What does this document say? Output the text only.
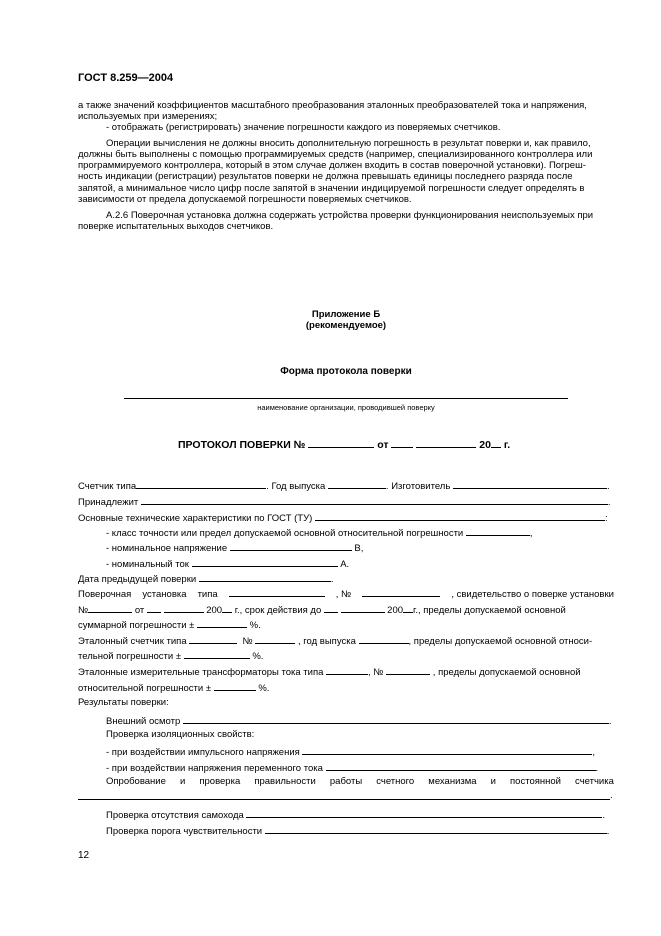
ГОСТ 8.259—2004
а также значений коэффициентов масштабного преобразования эталонных преобразователей тока и напряжения,
используемых при измерениях;
- отображать (регистрировать) значение погрешности каждого из поверяемых счетчиков.
Операции вычисления не должны вносить дополнительную погрешность в результат поверки и, как правило,
должны быть выполнены с помощью программируемых средств (например, специализированного контроллера или
программируемого контроллера, который в этом случае должен входить в состав поверочной установки). Погреш-
ность индикации (регистрации) результатов поверки не должна превышать единицы последнего разряда после
запятой, а минимальное число цифр после запятой в значении индицируемой погрешности следует определять в
зависимости от предела допускаемой погрешности поверяемых счетчиков.
А.2.6 Поверочная установка должна содержать устройства проверки функционирования неиспользуемых при
поверке испытательных выходов счетчиков.
Приложение Б
(рекомендуемое)
Форма протокола поверки
наименование организации, проводившей поверку
ПРОТОКОЛ ПОВЕРКИ №	от	20 г.
Счетчик типа	. Год выпуска	. Изготовитель	.
Принадлежит	.
Основные технические характеристики по ГОСТ (ТУ)	:
- класс точности или предел допускаемой основной относительной погрешности	,
- номинальное напряжение	В,
- номинальный ток	А.
Дата предыдущей поверки	.
Поверочная установка типа	, №	, свидетельство о поверке установки
№	от	200 г., срок действия до	200 г., пределы допускаемой основной
суммарной погрешности ±	%.
Эталонный счетчик типа	№	, год выпуска	, пределы допускаемой основной относи-
тельной погрешности ±	%.
Эталонные измерительные трансформаторы тока типа	, №	, пределы допускаемой основной
относительной погрешности ±	%.
Результаты поверки:
Внешний осмотр	.
Проверка изоляционных свойств:
- при воздействии импульсного напряжения	,
- при воздействии напряжения переменного тока	.
Опробование и проверка правильности работы счетного механизма и постоянной счетчика
.
Проверка отсутствия самохода	.
Проверка порога чувствительности	.
12
